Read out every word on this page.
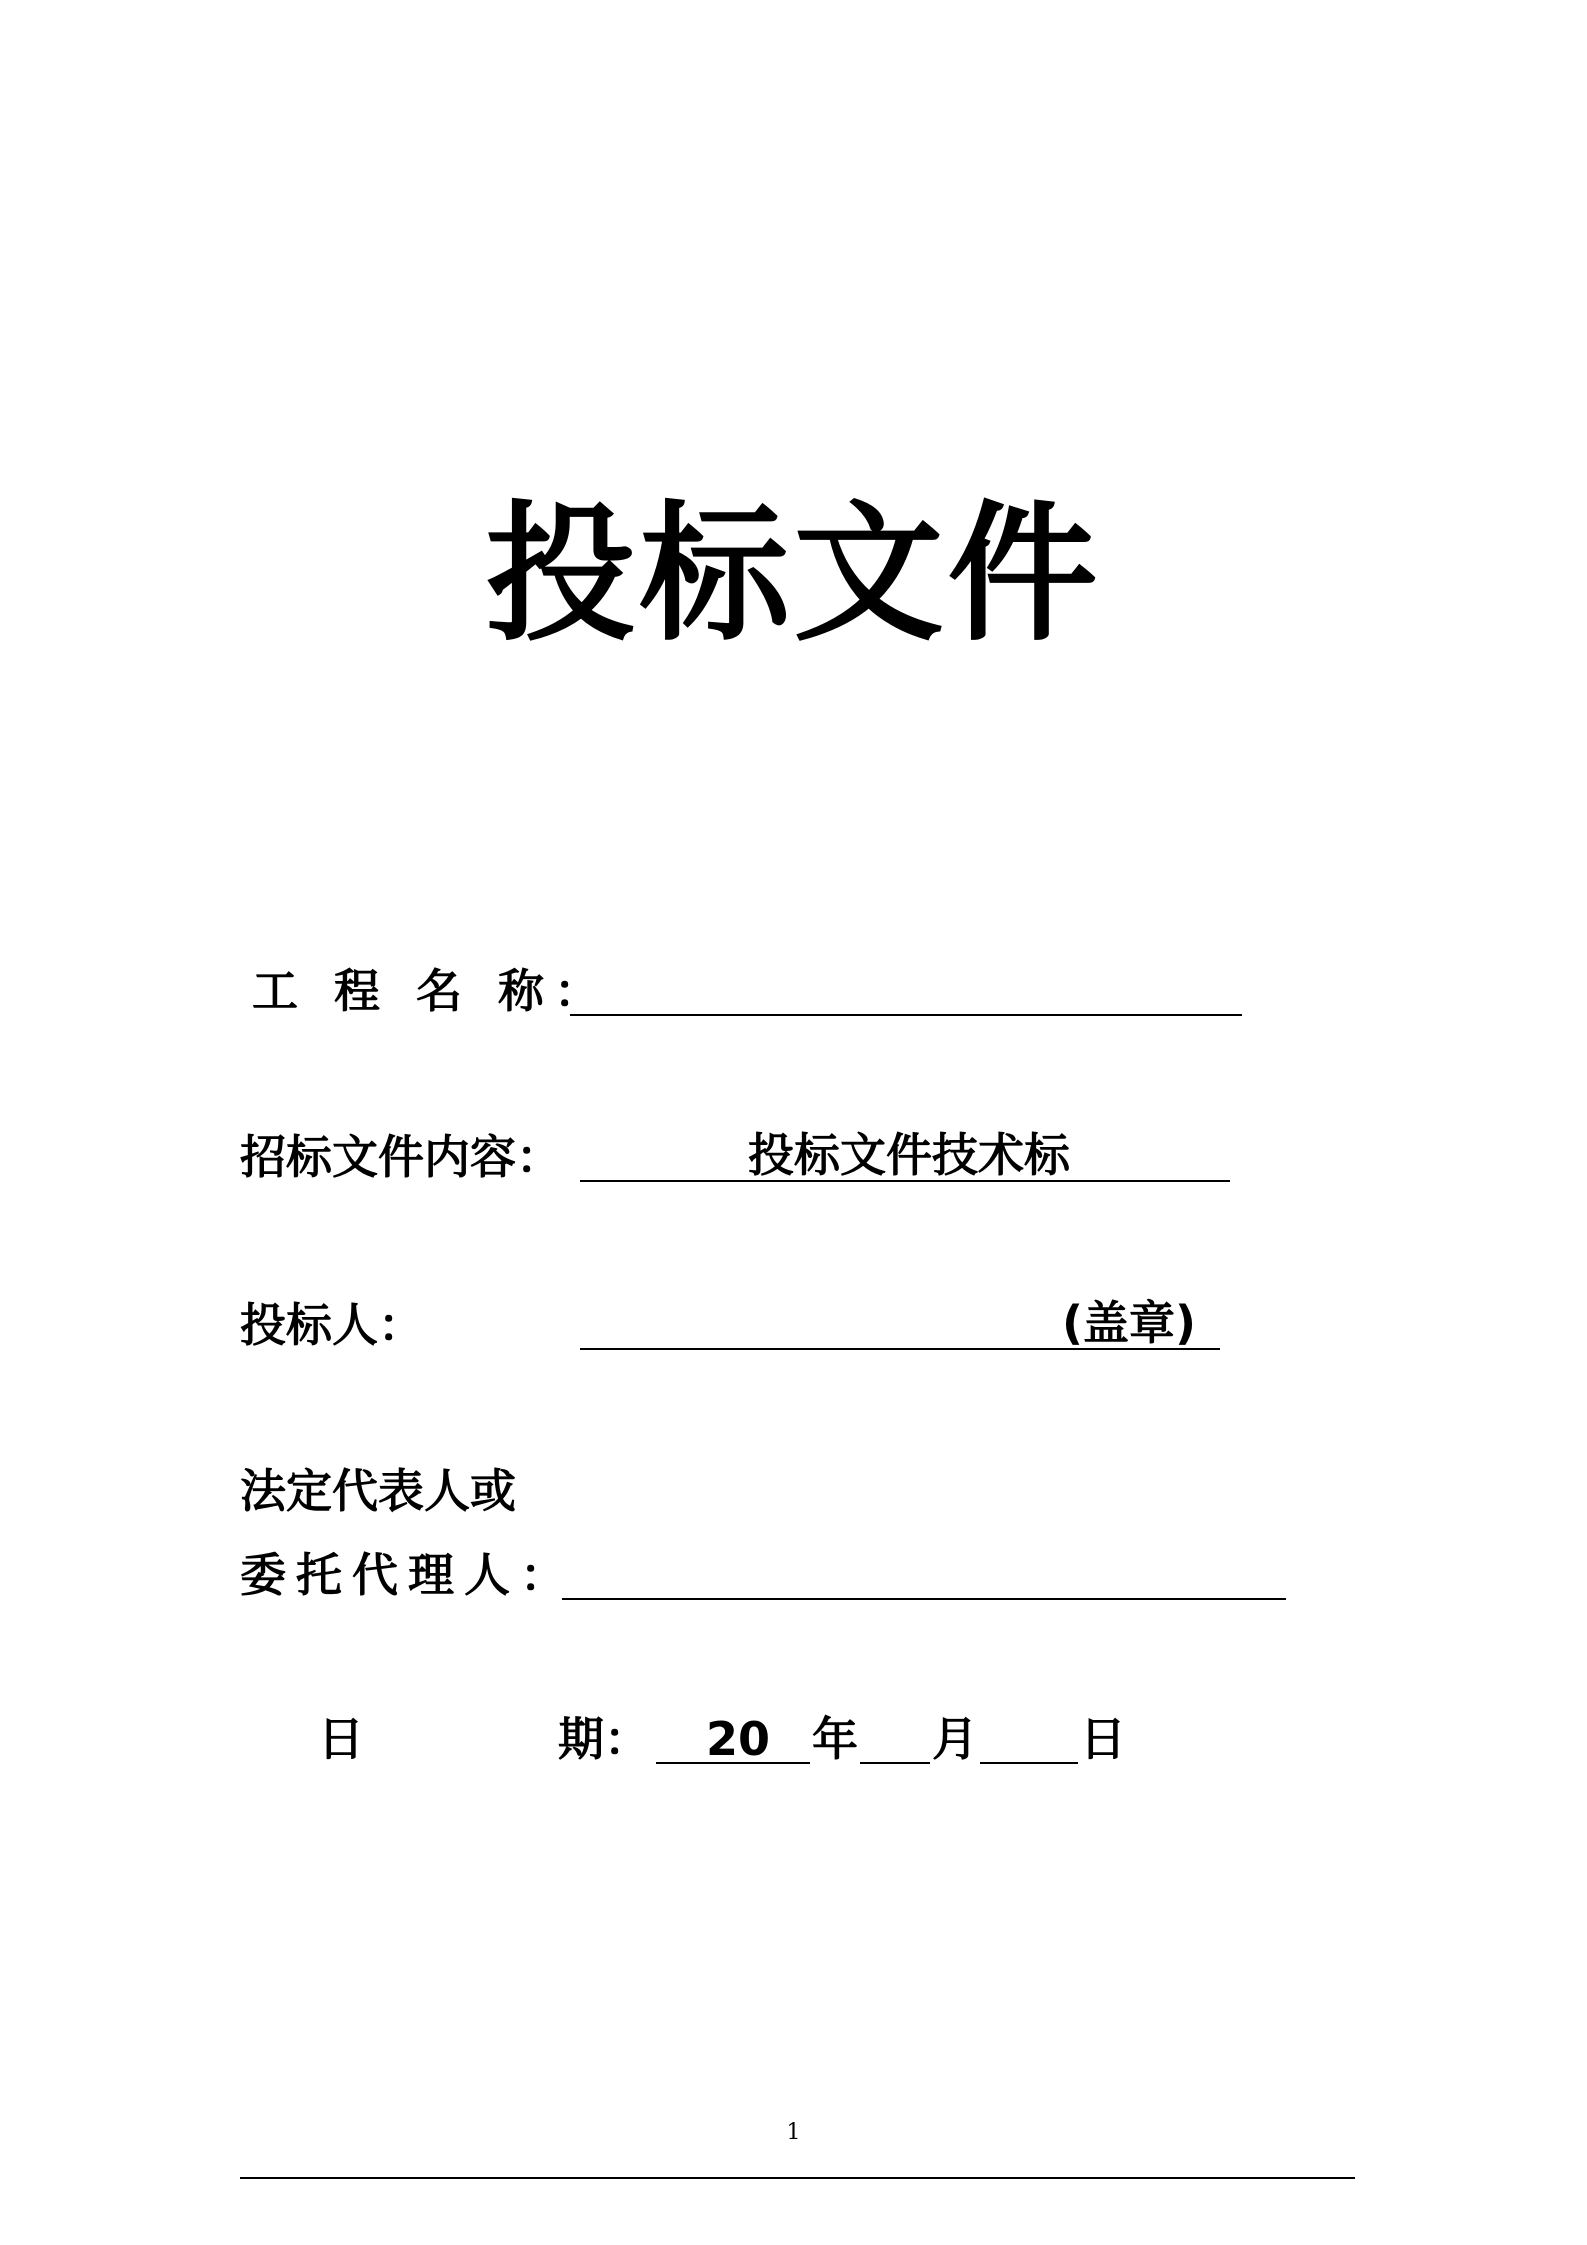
投标文件
工 程 名 称：
招标文件内容：	投标文件技术标
投标人：	(盖章)
法定代表人或
委托代理人：
日	期： 20 年 月 日
1
